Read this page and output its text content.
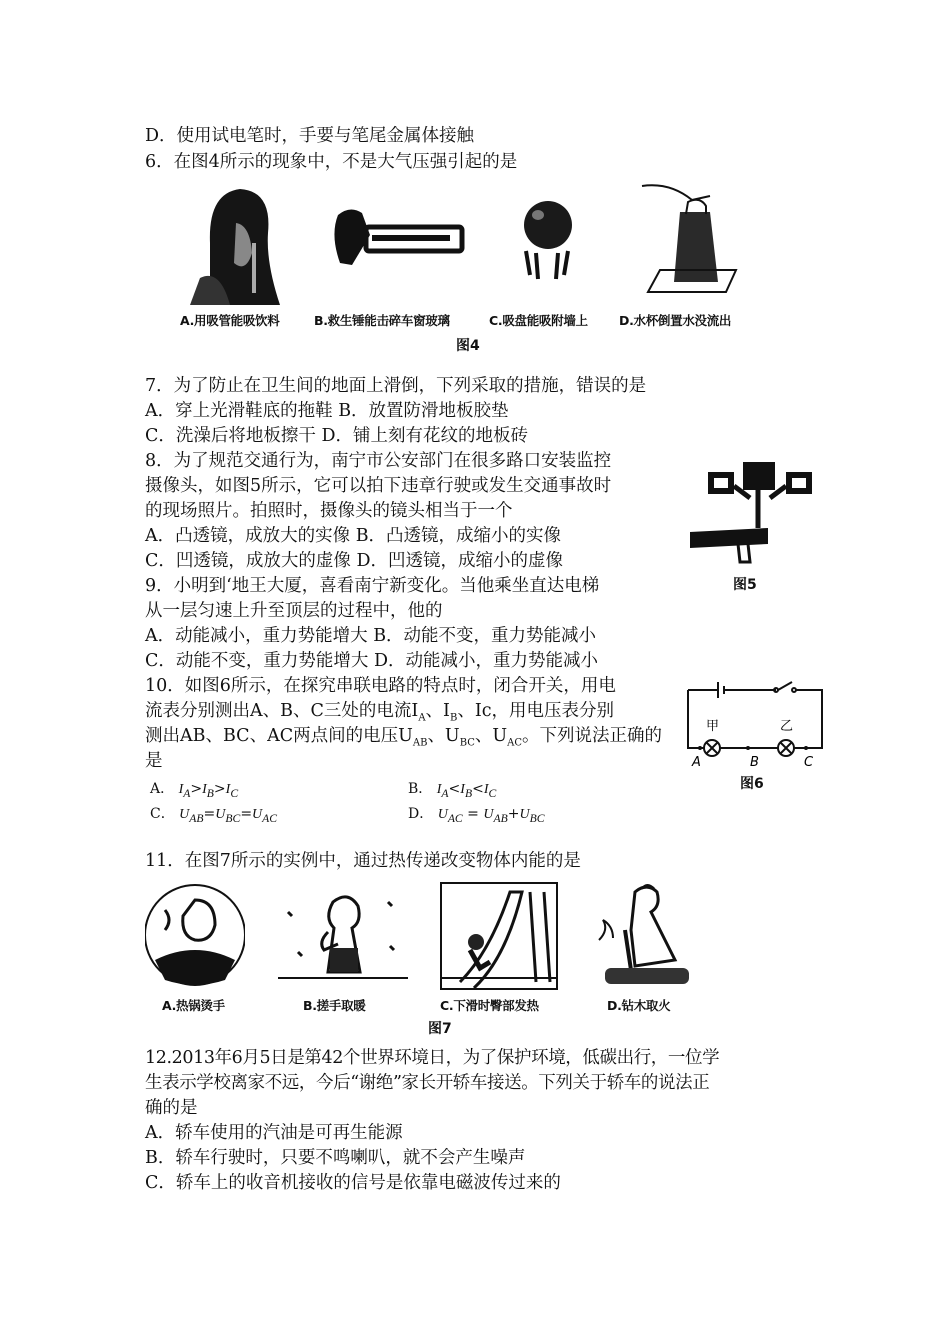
D．使用试电笔时，手要与笔尾金属体接触
6．在图4所示的现象中，不是大气压强引起的是
A.用吸管能吸饮料	B.救生锤能击碎车窗玻璃	C.吸盘能吸附墙上	D.水杯倒置水没流出
图4
7．为了防止在卫生间的地面上滑倒，下列采取的措施，错误的是
A．穿上光滑鞋底的拖鞋 B．放置防滑地板胶垫
C．洗澡后将地板擦干 D．铺上刻有花纹的地板砖
8．为了规范交通行为，南宁市公安部门在很多路口安装监控
摄像头，如图5所示，它可以拍下违章行驶或发生交通事故时
的现场照片。拍照时，摄像头的镜头相当于一个
A．凸透镜，成放大的实像 B．凸透镜，成缩小的实像
C．凹透镜，成放大的虚像 D．凹透镜，成缩小的虚像
9．小明到‘地王大厦，喜看南宁新变化。当他乘坐直达电梯
从一层匀速上升至顶层的过程中，他的
A．动能减小，重力势能增大 B．动能不变，重力势能减小
C．动能不变，重力势能增大 D．动能减小，重力势能减小
10．如图6所示，在探究串联电路的特点时，闭合开关，用电
流表分别测出A、B、C三处的电流$I_A$、$I_B$、Ic，用电压表分别
测出AB、BC、AC两点间的电压$U_{AB}$、$U_{BC}$、$U_{AC}$。下列说法正确的
是
A． $I_A>I_B>I_C$	B． $I_A<I_B<I_C$
C． $U_{AB}=U_{BC}=U_{AC}$	D． $U_{AC} = U_{AB}+U_{BC}$
图5
甲	乙
A	B	C
图6
11．在图7所示的实例中，通过热传递改变物体内能的是
A.热锅烫手	B.搓手取暖	C.下滑时臀部发热	D.钻木取火
图7
12.2013年6月5日是第42个世界环境日，为了保护环境，低碳出行，一位学
生表示学校离家不远，今后“谢绝”家长开轿车接送。下列关于轿车的说法正
确的是
A．轿车使用的汽油是可再生能源
B．轿车行驶时，只要不鸣喇叭，就不会产生噪声
C．轿车上的收音机接收的信号是依靠电磁波传过来的
